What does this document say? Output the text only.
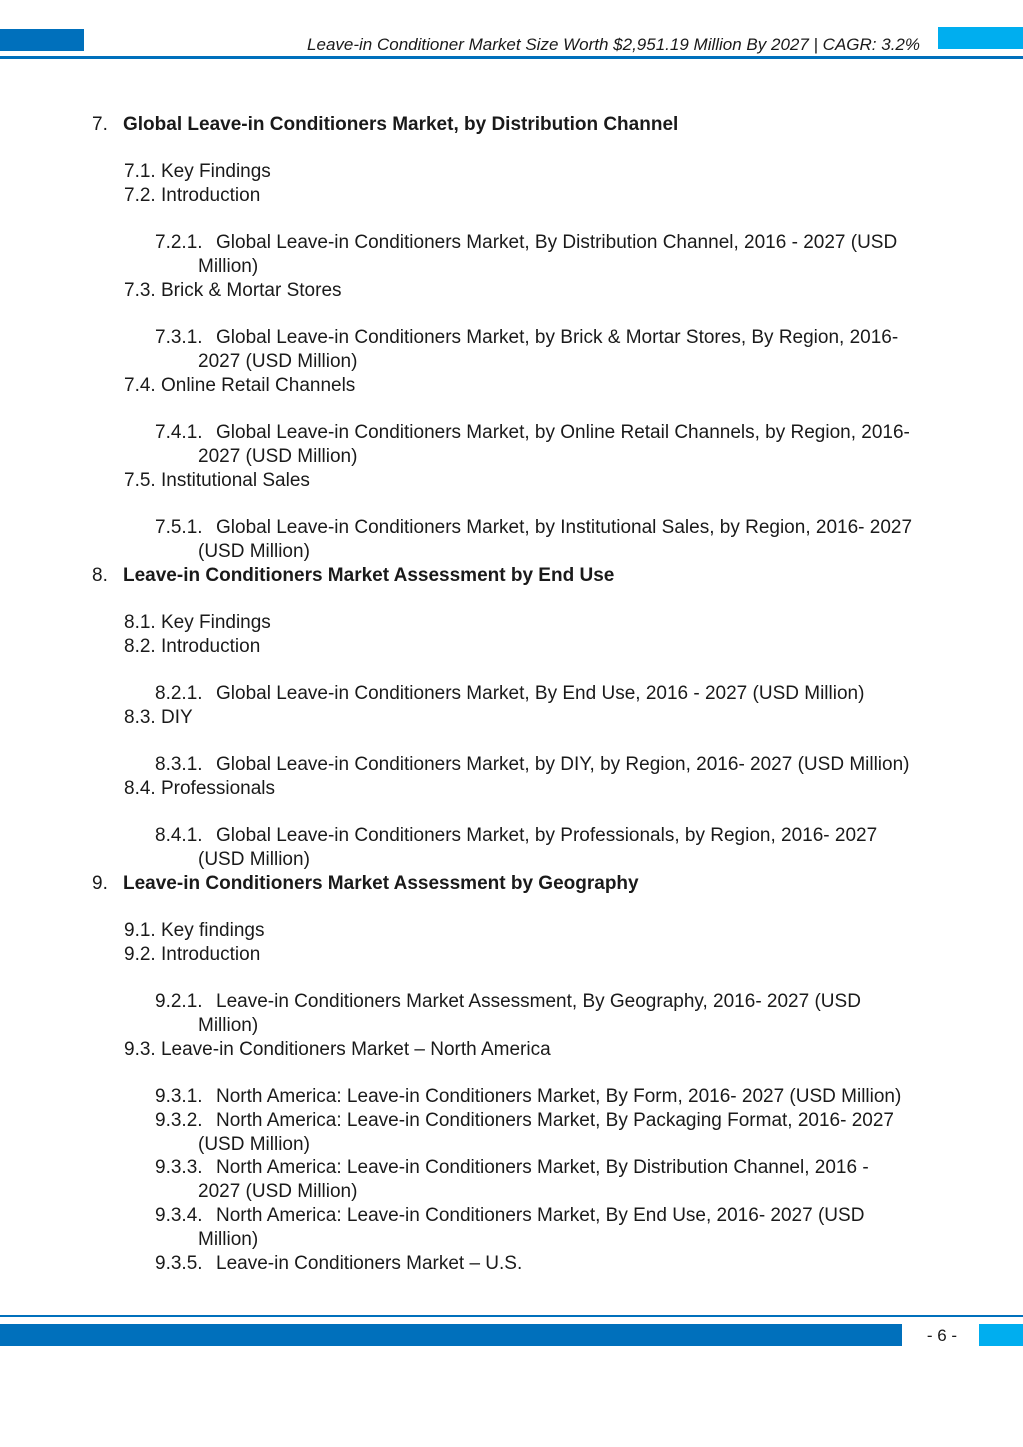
Leave-in Conditioner Market Size Worth $2,951.19 Million By 2027 | CAGR: 3.2%
7. Global Leave-in Conditioners Market, by Distribution Channel
7.1. Key Findings
7.2. Introduction
7.2.1. Global Leave-in Conditioners Market, By Distribution Channel, 2016 - 2027 (USD
Million)
7.3. Brick & Mortar Stores
7.3.1. Global Leave-in Conditioners Market, by Brick & Mortar Stores, By Region, 2016-
2027 (USD Million)
7.4. Online Retail Channels
7.4.1. Global Leave-in Conditioners Market, by Online Retail Channels, by Region, 2016-
2027 (USD Million)
7.5. Institutional Sales
7.5.1. Global Leave-in Conditioners Market, by Institutional Sales, by Region, 2016- 2027
(USD Million)
8. Leave-in Conditioners Market Assessment by End Use
8.1. Key Findings
8.2. Introduction
8.2.1. Global Leave-in Conditioners Market, By End Use, 2016 - 2027 (USD Million)
8.3. DIY
8.3.1. Global Leave-in Conditioners Market, by DIY, by Region, 2016- 2027 (USD Million)
8.4. Professionals
8.4.1. Global Leave-in Conditioners Market, by Professionals, by Region, 2016- 2027
(USD Million)
9. Leave-in Conditioners Market Assessment by Geography
9.1. Key findings
9.2. Introduction
9.2.1. Leave-in Conditioners Market Assessment, By Geography, 2016- 2027 (USD
Million)
9.3. Leave-in Conditioners Market – North America
9.3.1. North America: Leave-in Conditioners Market, By Form, 2016- 2027 (USD Million)
9.3.2. North America: Leave-in Conditioners Market, By Packaging Format, 2016- 2027
(USD Million)
9.3.3. North America: Leave-in Conditioners Market, By Distribution Channel, 2016 -
2027 (USD Million)
9.3.4. North America: Leave-in Conditioners Market, By End Use, 2016- 2027 (USD
Million)
9.3.5. Leave-in Conditioners Market – U.S.
- 6 -
